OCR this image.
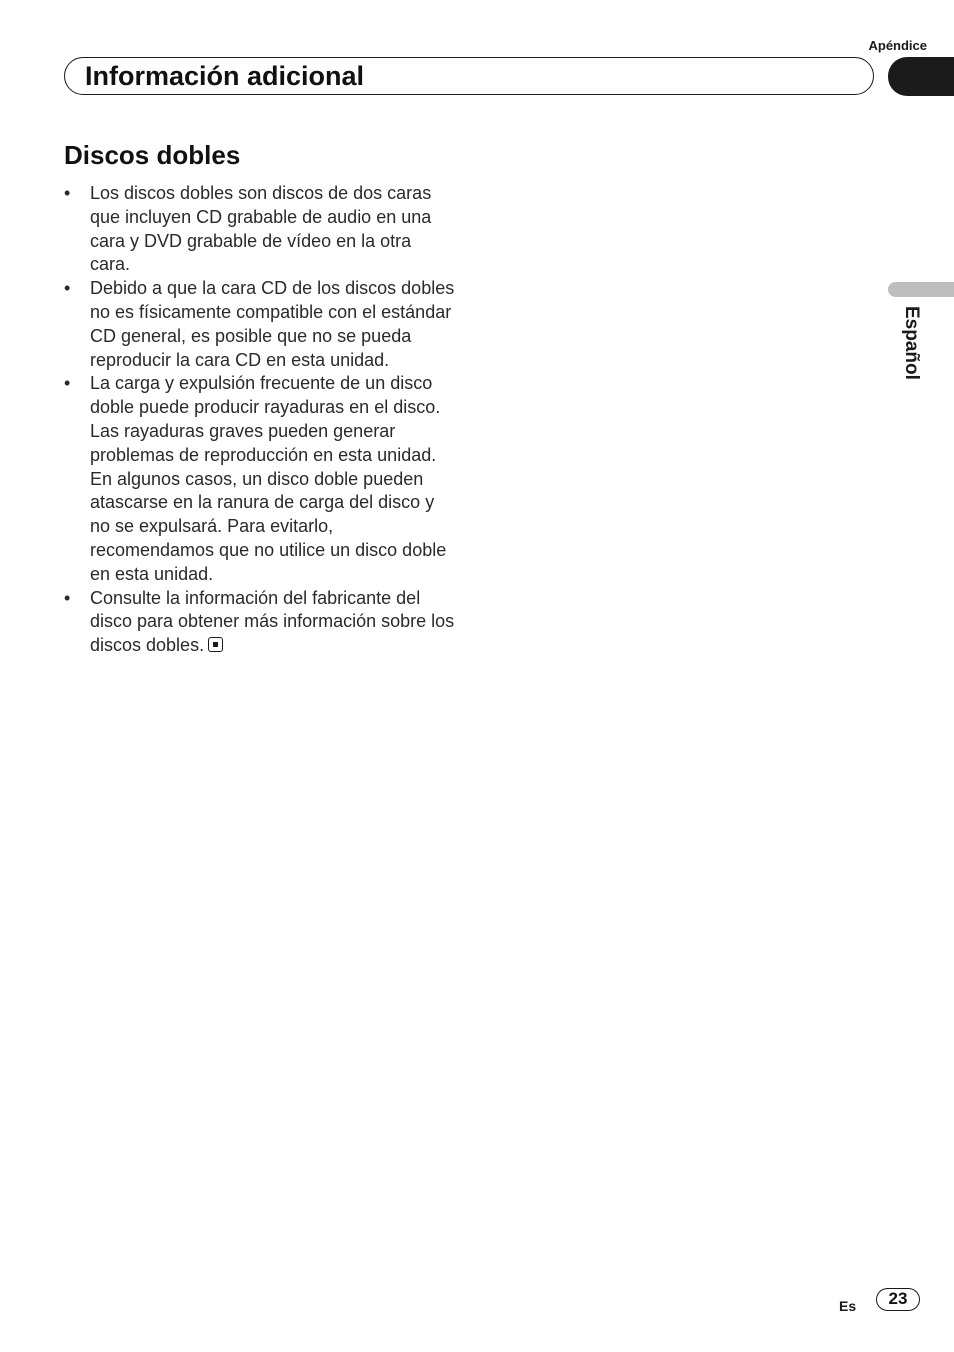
Apéndice
Información adicional
Discos dobles
• Los discos dobles son discos de dos caras que incluyen CD grabable de audio en una cara y DVD grabable de vídeo en la otra cara.
• Debido a que la cara CD de los discos dobles no es físicamente compatible con el estándar CD general, es posible que no se pueda reproducir la cara CD en esta unidad.
• La carga y expulsión frecuente de un disco doble puede producir rayaduras en el disco. Las rayaduras graves pueden generar problemas de reproducción en esta unidad. En algunos casos, un disco doble pueden atascarse en la ranura de carga del disco y no se expulsará. Para evitarlo, recomendamos que no utilice un disco doble en esta unidad.
• Consulte la información del fabricante del disco para obtener más información sobre los discos dobles.
Español
Es	23
